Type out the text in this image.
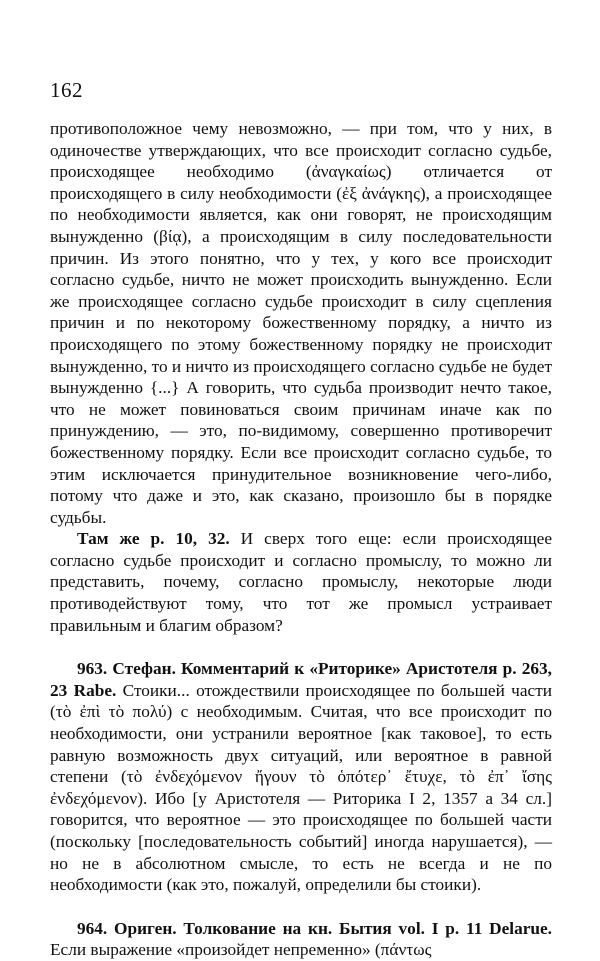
162

противоположное чему невозможно, — при том, что у них, в одиночестве утверждающих, что все происходит согласно судьбе, происходящее необходимо (ἀναγκαίως) отличается от происходящего в силу необходимости (ἐξ ἀνάγκης), а происходящее по необходимости является, как они говорят, не происходящим вынужденно (βίᾳ), а происходящим в силу последовательности причин. Из этого понятно, что у тех, у кого все происходит согласно судьбе, ничто не может происходить вынужденно. Если же происходящее согласно судьбе происходит в силу сцепления причин и по некоторому божественному порядку, а ничто из происходящего по этому божественному порядку не происходит вынужденно, то и ничто из происходящего согласно судьбе не будет вынужденно {...} А говорить, что судьба производит нечто такое, что не может повиноваться своим причинам иначе как по принуждению, — это, по-видимому, совершенно противоречит божественному порядку. Если все происходит согласно судьбе, то этим исключается принудительное возникновение чего-либо, потому что даже и это, как сказано, произошло бы в порядке судьбы.

Там же р. 10, 32. И сверх того еще: если происходящее согласно судьбе происходит и согласно промыслу, то можно ли представить, почему, согласно промыслу, некоторые люди противодействуют тому, что тот же промысл устраивает правильным и благим образом?

963. Стефан. Комментарий к «Риторике» Аристотеля р. 263, 23 Rabe. Стоики... отождествили происходящее по большей части (τὸ ἐπὶ τὸ πολύ) с необходимым. Считая, что все происходит по необходимости, они устранили вероятное [как таковое], то есть равную возможность двух ситуаций, или вероятное в равной степени (τὸ ἐνδεχόμενον ἤγουν τὸ ὁπότερ᾽ ἔτυχε, τὸ ἐπ᾽ ἴσης ἐνδεχόμενον). Ибо [у Аристотеля — Риторика I 2, 1357 а 34 сл.] говорится, что вероятное — это происходящее по большей части (поскольку [последовательность событий] иногда нарушается), — но не в абсолютном смысле, то есть не всегда и не по необходимости (как это, пожалуй, определили бы стоики).

964. Ориген. Толкование на кн. Бытия vol. I р. 11 Delarue. Если выражение «произойдет непременно» (πάντως
